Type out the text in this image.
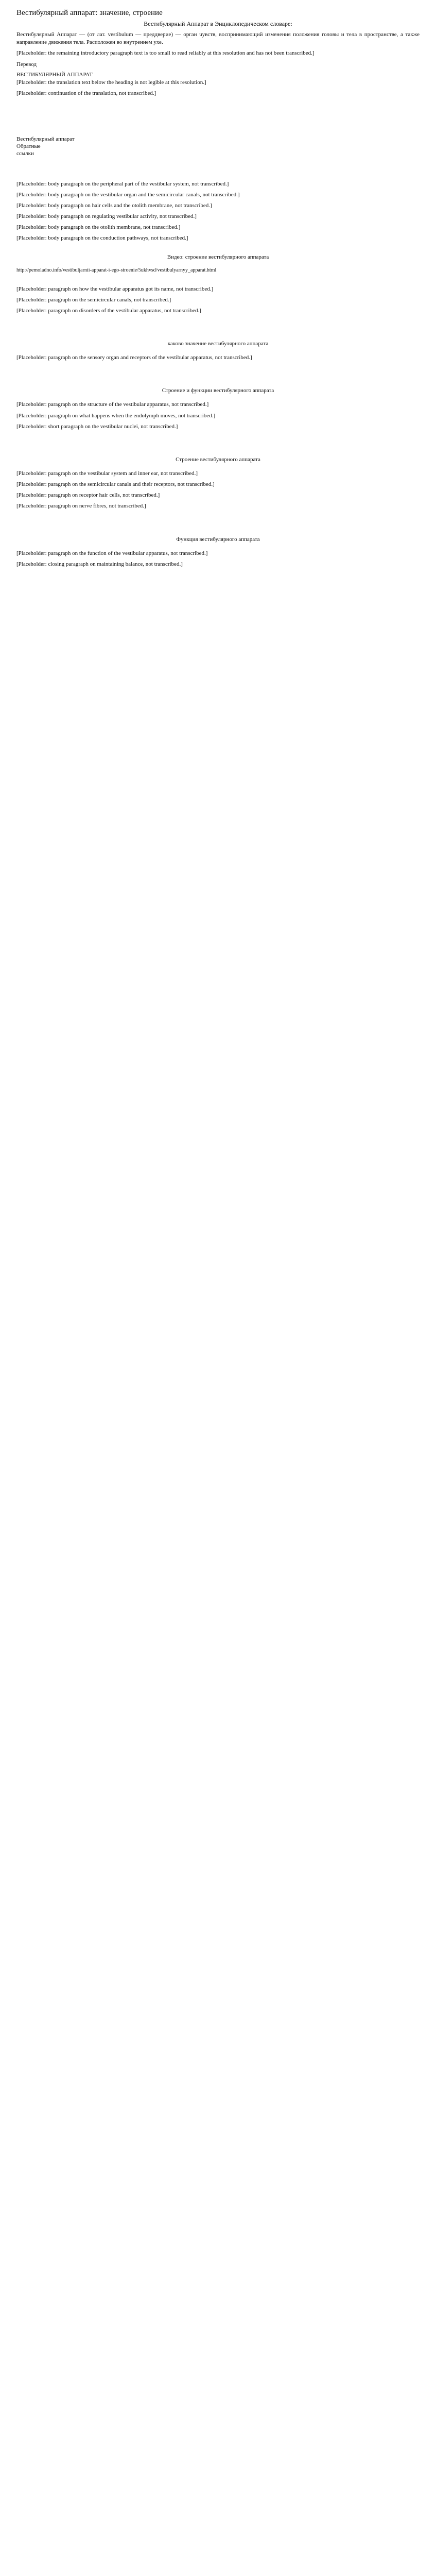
Вестибулярный аппарат: значение, строение
Вестибулярный Аппарат в Энциклопедическом словаре:

Вестибулярный Аппарат — (от лат. vestibulum — преддверие) — орган чувств, воспринимающий изменения положения головы и тела в пространстве, а также направление движения тела. Расположен во внутреннем ухе.

[Placeholder: the remaining introductory paragraph text is too small to read reliably at this resolution and has not been transcribed.]

Перевод
ВЕСТИБУЛЯРНЫЙ АППАРАТ

[Placeholder: the translation text below the heading is not legible at this resolution.]

[Placeholder: continuation of the translation, not transcribed.]

Вестибулярный аппарат
Обратные
ссылки

[Placeholder: body paragraph on the peripheral part of the vestibular system, not transcribed.]

[Placeholder: body paragraph on the vestibular organ and the semicircular canals, not transcribed.]

[Placeholder: body paragraph on hair cells and the otolith membrane, not transcribed.]

[Placeholder: body paragraph on regulating vestibular activity, not transcribed.]

[Placeholder: body paragraph on the otolith membrane, not transcribed.]

[Placeholder: body paragraph on the conduction pathways, not transcribed.]

Видео: строение вестибулярного аппарата
http://pemoladno.info/vestibuljarnii-apparat-i-ego-stroenie/5ukhvsd/vestibulyarnyy_apparat.html

[Placeholder: paragraph on how the vestibular apparatus got its name, not transcribed.]

[Placeholder: paragraph on the semicircular canals, not transcribed.]

[Placeholder: paragraph on disorders of the vestibular apparatus, not transcribed.]

каково значение вестибулярного аппарата

[Placeholder: paragraph on the sensory organ and receptors of the vestibular apparatus, not transcribed.]

Строение и функции вестибулярного аппарата

[Placeholder: paragraph on the structure of the vestibular apparatus, not transcribed.]

[Placeholder: paragraph on what happens when the endolymph moves, not transcribed.]

[Placeholder: short paragraph on the vestibular nuclei, not transcribed.]

Строение вестибулярного аппарата

[Placeholder: paragraph on the vestibular system and inner ear, not transcribed.]

[Placeholder: paragraph on the semicircular canals and their receptors, not transcribed.]

[Placeholder: paragraph on receptor hair cells, not transcribed.]

[Placeholder: paragraph on nerve fibres, not transcribed.]

Функция вестибулярного аппарата

[Placeholder: paragraph on the function of the vestibular apparatus, not transcribed.]

[Placeholder: closing paragraph on maintaining balance, not transcribed.]
